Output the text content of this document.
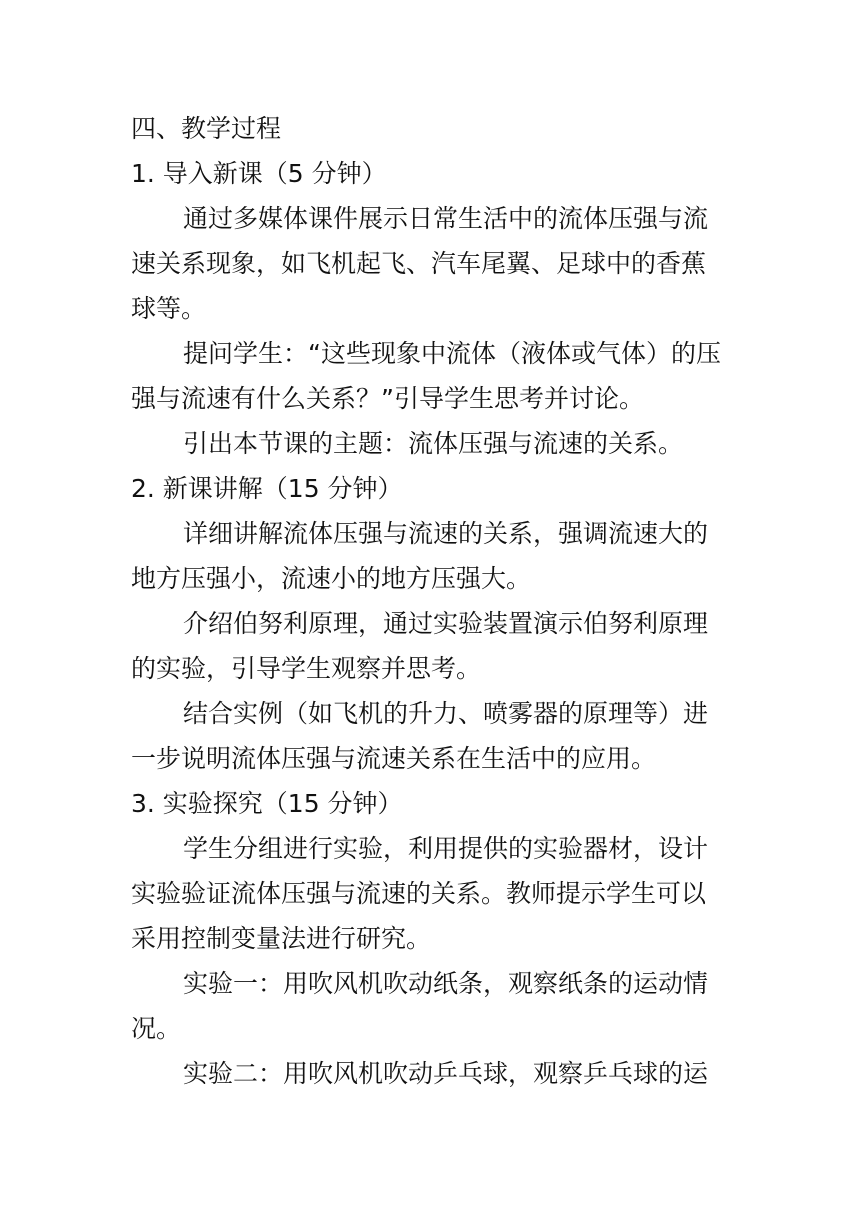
四、教学过程
1. 导入新课（5 分钟）
通过多媒体课件展示日常生活中的流体压强与流
速关系现象，如飞机起飞、汽车尾翼、足球中的香蕉
球等。
提问学生：“这些现象中流体（液体或气体）的压
强与流速有什么关系？”引导学生思考并讨论。
引出本节课的主题：流体压强与流速的关系。
2. 新课讲解（15 分钟）
详细讲解流体压强与流速的关系，强调流速大的
地方压强小，流速小的地方压强大。
介绍伯努利原理，通过实验装置演示伯努利原理
的实验，引导学生观察并思考。
结合实例（如飞机的升力、喷雾器的原理等）进
一步说明流体压强与流速关系在生活中的应用。
3. 实验探究（15 分钟）
学生分组进行实验，利用提供的实验器材，设计
实验验证流体压强与流速的关系。教师提示学生可以
采用控制变量法进行研究。
实验一：用吹风机吹动纸条，观察纸条的运动情
况。
实验二：用吹风机吹动乒乓球，观察乒乓球的运
